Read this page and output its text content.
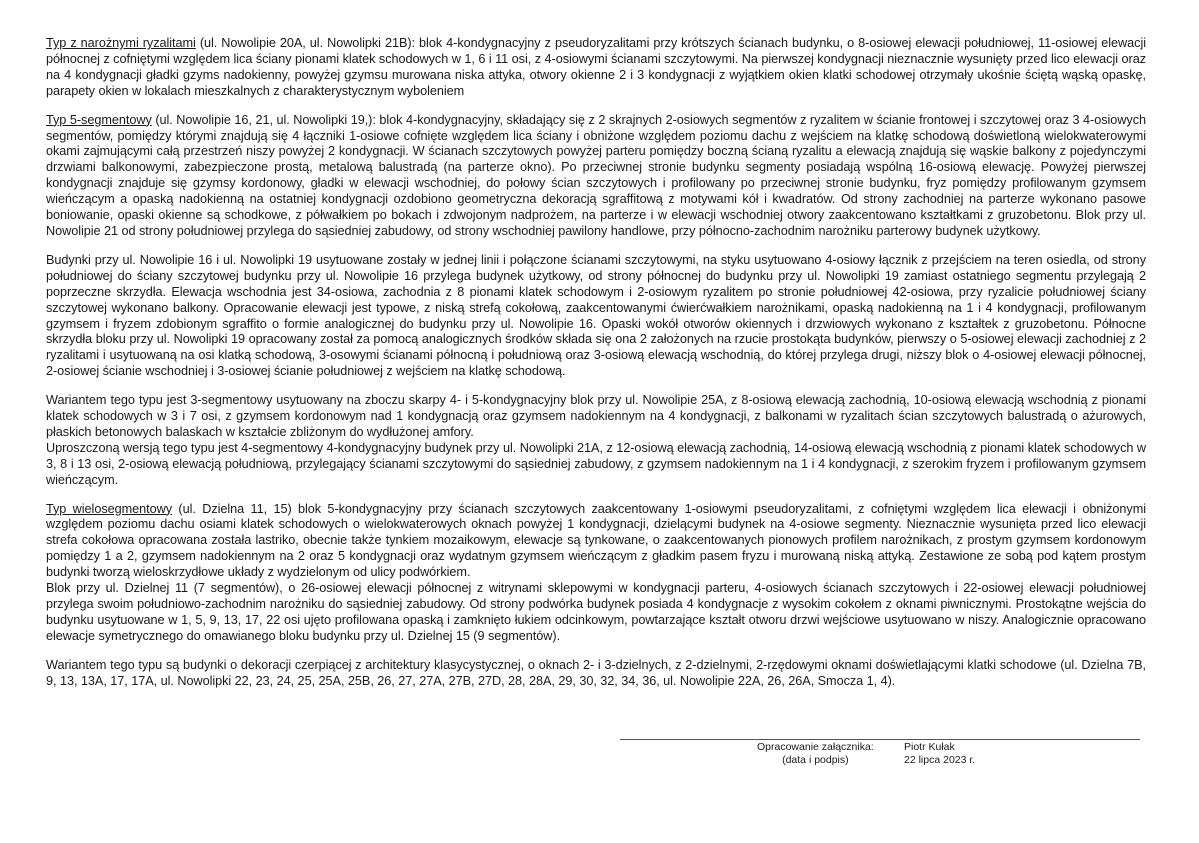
Typ z narożnymi ryzalitami (ul. Nowolipie 20A, ul. Nowolipki 21B): blok 4-kondygnacyjny z pseudoryzalitami przy krótszych ścianach budynku, o 8-osiowej elewacji południowej, 11-osiowej elewacji północnej z cofniętymi względem lica ściany pionami klatek schodowych w 1, 6 i 11 osi, z 4-osiowymi ścianami szczytowymi. Na pierwszej kondygnacji nieznacznie wysunięty przed lico elewacji oraz na 4 kondygnacji gładki gzyms nadokienny, powyżej gzymsu murowana niska attyka, otwory okienne 2 i 3 kondygnacji z wyjątkiem okien klatki schodowej otrzymały ukośnie ściętą wąską opaskę, parapety okien w lokalach mieszkalnych z charakterystycznym wyboleniem

Typ 5-segmentowy (ul. Nowolipie 16, 21, ul. Nowolipki 19,): blok 4-kondygnacyjny, składający się z 2 skrajnych 2-osiowych segmentów z ryzalitem w ścianie frontowej i szczytowej oraz 3 4-osiowych segmentów, pomiędzy którymi znajdują się 4 łączniki 1-osiowe cofnięte względem lica ściany i obniżone względem poziomu dachu z wejściem na klatkę schodową doświetloną wielokwaterowymi okami zajmującymi całą przestrzeń niszy powyżej 2 kondygnacji. W ścianach szczytowych powyżej parteru pomiędzy boczną ścianą ryzalitu a elewacją znajdują się wąskie balkony z pojedynczymi drzwiami balkonowymi, zabezpieczone prostą, metalową balustradą (na parterze okno). Po przeciwnej stronie budynku segmenty posiadają wspólną 16-osiową elewację. Powyżej pierwszej kondygnacji znajduje się gzymsy kordonowy, gładki w elewacji wschodniej, do połowy ścian szczytowych i profilowany po przeciwnej stronie budynku, fryz pomiędzy profilowanym gzymsem wieńczącym a opaską nadokienną na ostatniej kondygnacji ozdobiono geometryczna dekoracją sgraffitową z motywami kół i kwadratów. Od strony zachodniej na parterze wykonano pasowe boniowanie, opaski okienne są schodkowe, z półwałkiem po bokach i zdwojonym nadprożem, na parterze i w elewacji wschodniej otwory zaakcentowano kształtkami z gruzobetonu. Blok przy ul. Nowolipie 21 od strony południowej przylega do sąsiedniej zabudowy, od strony wschodniej pawilony handlowe, przy północno-zachodnim narożniku parterowy budynek użytkowy.

Budynki przy ul. Nowolipie 16 i ul. Nowolipki 19 usytuowane zostały w jednej linii i połączone ścianami szczytowymi, na styku usytuowano 4-osiowy łącznik z przejściem na teren osiedla, od strony południowej do ściany szczytowej budynku przy ul. Nowolipie 16 przylega budynek użytkowy, od strony północnej do budynku przy ul. Nowolipki 19 zamiast ostatniego segmentu przylegają 2 poprzeczne skrzydła. Elewacja wschodnia jest 34-osiowa, zachodnia z 8 pionami klatek schodowym i 2-osiowym ryzalitem po stronie południowej 42-osiowa, przy ryzalicie południowej ściany szczytowej wykonano balkony. Opracowanie elewacji jest typowe, z niską strefą cokołową, zaakcentowanymi ćwierćwałkiem narożnikami, opaską nadokienną na 1 i 4 kondygnacji, profilowanym gzymsem i fryzem zdobionym sgraffito o formie analogicznej do budynku przy ul. Nowolipie 16. Opaski wokół otworów okiennych i drzwiowych wykonano z kształtek z gruzobetonu. Północne skrzydła bloku przy ul. Nowolipki 19 opracowany został za pomocą analogicznych środków składa się ona 2 założonych na rzucie prostokąta budynków, pierwszy o 5-osiowej elewacji zachodniej z 2 ryzalitami i usytuowaną na osi klatką schodową, 3-osowymi ścianami północną i południową oraz 3-osiową elewacją wschodnią, do której przylega drugi, niższy blok o 4-osiowej elewacji północnej, 2-osiowej ścianie wschodniej i 3-osiowej ścianie południowej z wejściem na klatkę schodową.

Wariantem tego typu jest 3-segmentowy usytuowany na zboczu skarpy 4- i 5-kondygnacyjny blok przy ul. Nowolipie 25A, z 8-osiową elewacją zachodnią, 10-osiową elewacją wschodnią z pionami klatek schodowych w 3 i 7 osi, z gzymsem kordonowym nad 1 kondygnacją oraz gzymsem nadokiennym na 4 kondygnacji, z balkonami w ryzalitach ścian szczytowych balustradą o ażurowych, płaskich betonowych balaskach w kształcie zbliżonym do wydłużonej amfory.

Uproszczoną wersją tego typu jest 4-segmentowy 4-kondygnacyjny budynek przy ul. Nowolipki 21A, z 12-osiową elewacją zachodnią, 14-osiową elewacją wschodnią z pionami klatek schodowych w 3, 8 i 13 osi, 2-osiową elewacją południową, przylegający ścianami szczytowymi do sąsiedniej zabudowy, z gzymsem nadokiennym na 1 i 4 kondygnacji, z szerokim fryzem i profilowanym gzymsem wieńczącym.

Typ wielosegmentowy (ul. Dzielna 11, 15) blok 5-kondygnacyjny przy ścianach szczytowych zaakcentowany 1-osiowymi pseudoryzalitami, z cofniętymi względem lica elewacji i obniżonymi względem poziomu dachu osiami klatek schodowych o wielokwaterowych oknach powyżej 1 kondygnacji, dzielącymi budynek na 4-osiowe segmenty. Nieznacznie wysunięta przed lico elewacji strefa cokołowa opracowana została lastriko, obecnie także tynkiem mozaikowym, elewacje są tynkowane, o zaakcentowanych pionowych profilem narożnikach, z prostym gzymsem kordonowym pomiędzy 1 a 2, gzymsem nadokiennym na 2 oraz 5 kondygnacji oraz wydatnym gzymsem wieńczącym z gładkim pasem fryzu i murowaną niską attyką. Zestawione ze sobą pod kątem prostym budynki tworzą wieloskrzydłowe układy z wydzielonym od ulicy podwórkiem.

Blok przy ul. Dzielnej 11 (7 segmentów), o 26-osiowej elewacji północnej z witrynami sklepowymi w kondygnacji parteru, 4-osiowych ścianach szczytowych i 22-osiowej elewacji południowej przylega swoim południowo-zachodnim narożniku do sąsiedniej zabudowy. Od strony podwórka budynek posiada 4 kondygnacje z wysokim cokołem z oknami piwnicznymi. Prostokątne wejścia do budynku usytuowane w 1, 5, 9, 13, 17, 22 osi ujęto profilowana opaską i zamknięto łukiem odcinkowym, powtarzające kształt otworu drzwi wejściowe usytuowano w niszy. Analogicznie opracowano elewacje symetrycznego do omawianego bloku budynku przy ul. Dzielnej 15 (9 segmentów).

Wariantem tego typu są budynki o dekoracji czerpiącej z architektury klasycystycznej, o oknach 2- i 3-dzielnych, z 2-dzielnymi, 2-rzędowymi oknami doświetlającymi klatki schodowe (ul. Dzielna 7B, 9, 13, 13A, 17, 17A, ul. Nowolipki 22, 23, 24, 25, 25A, 25B, 26, 27, 27A, 27B, 27D, 28, 28A, 29, 30, 32, 34, 36, ul. Nowolipie 22A, 26, 26A, Smocza 1, 4).

Opracowanie załącznika:
(data i podpis)
Piotr Kułak
22 lipca 2023 r.
